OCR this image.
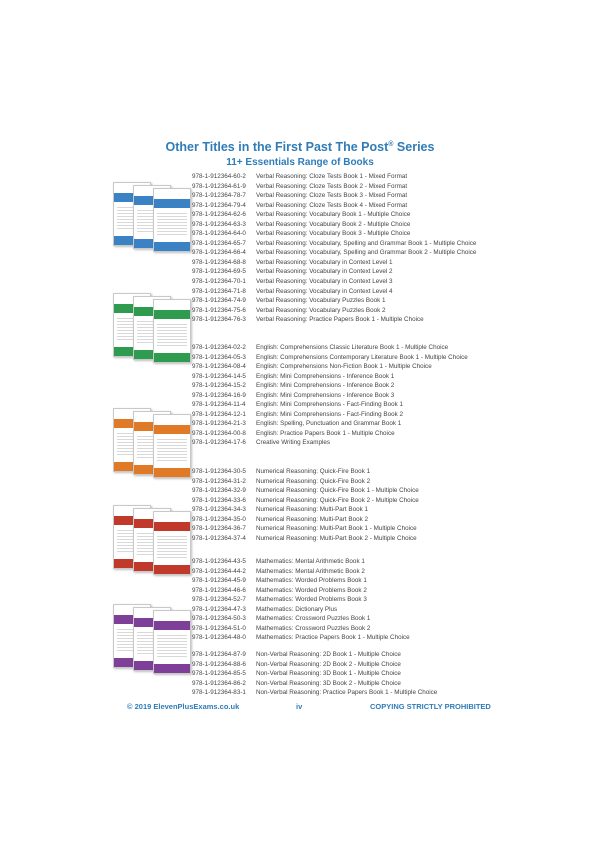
Other Titles in the First Past The Post® Series
11+ Essentials Range of Books
978-1-912364-60-2 Verbal Reasoning: Cloze Tests Book 1 - Mixed Format
978-1-912364-61-9 Verbal Reasoning: Cloze Tests Book 2 - Mixed Format
978-1-912364-78-7 Verbal Reasoning: Cloze Tests Book 3 - Mixed Format
978-1-912364-79-4 Verbal Reasoning: Cloze Tests Book 4 - Mixed Format
978-1-912364-62-6 Verbal Reasoning: Vocabulary Book 1 - Multiple Choice
978-1-912364-63-3 Verbal Reasoning: Vocabulary Book 2 - Multiple Choice
978-1-912364-64-0 Verbal Reasoning: Vocabulary Book 3 - Multiple Choice
978-1-912364-65-7 Verbal Reasoning: Vocabulary, Spelling and Grammar Book 1 - Multiple Choice
978-1-912364-66-4 Verbal Reasoning: Vocabulary, Spelling and Grammar Book 2 - Multiple Choice
978-1-912364-68-8 Verbal Reasoning: Vocabulary in Context Level 1
978-1-912364-69-5 Verbal Reasoning: Vocabulary in Context Level 2
978-1-912364-70-1 Verbal Reasoning: Vocabulary in Context Level 3
978-1-912364-71-8 Verbal Reasoning: Vocabulary in Context Level 4
978-1-912364-74-9 Verbal Reasoning: Vocabulary Puzzles Book 1
978-1-912364-75-6 Verbal Reasoning: Vocabulary Puzzles Book 2
978-1-912364-76-3 Verbal Reasoning: Practice Papers Book 1 - Multiple Choice
978-1-912364-02-2 English: Comprehensions Classic Literature Book 1 - Multiple Choice
978-1-912364-05-3 English: Comprehensions Contemporary Literature Book 1 - Multiple Choice
978-1-912364-08-4 English: Comprehensions Non-Fiction Book 1 - Multiple Choice
978-1-912364-14-5 English: Mini Comprehensions - Inference Book 1
978-1-912364-15-2 English: Mini Comprehensions - Inference Book 2
978-1-912364-16-9 English: Mini Comprehensions - Inference Book 3
978-1-912364-11-4 English: Mini Comprehensions - Fact-Finding Book 1
978-1-912364-12-1 English: Mini Comprehensions - Fact-Finding Book 2
978-1-912364-21-3 English: Spelling, Punctuation and Grammar Book 1
978-1-912364-00-8 English: Practice Papers Book 1 - Multiple Choice
978-1-912364-17-6 Creative Writing Examples
978-1-912364-30-5 Numerical Reasoning: Quick-Fire Book 1
978-1-912364-31-2 Numerical Reasoning: Quick-Fire Book 2
978-1-912364-32-9 Numerical Reasoning: Quick-Fire Book 1 - Multiple Choice
978-1-912364-33-6 Numerical Reasoning: Quick-Fire Book 2 - Multiple Choice
978-1-912364-34-3 Numerical Reasoning: Multi-Part Book 1
978-1-912364-35-0 Numerical Reasoning: Multi-Part Book 2
978-1-912364-36-7 Numerical Reasoning: Multi-Part Book 1 - Multiple Choice
978-1-912364-37-4 Numerical Reasoning: Multi-Part Book 2 - Multiple Choice
978-1-912364-43-5 Mathematics: Mental Arithmetic Book 1
978-1-912364-44-2 Mathematics: Mental Arithmetic Book 2
978-1-912364-45-9 Mathematics: Worded Problems Book 1
978-1-912364-46-6 Mathematics: Worded Problems Book 2
978-1-912364-52-7 Mathematics: Worded Problems Book 3
978-1-912364-47-3 Mathematics: Dictionary Plus
978-1-912364-50-3 Mathematics: Crossword Puzzles Book 1
978-1-912364-51-0 Mathematics: Crossword Puzzles Book 2
978-1-912364-48-0 Mathematics: Practice Papers Book 1 - Multiple Choice
978-1-912364-87-9 Non-Verbal Reasoning: 2D Book 1 - Multiple Choice
978-1-912364-88-6 Non-Verbal Reasoning: 2D Book 2 - Multiple Choice
978-1-912364-85-5 Non-Verbal Reasoning: 3D Book 1 - Multiple Choice
978-1-912364-86-2 Non-Verbal Reasoning: 3D Book 2 - Multiple Choice
978-1-912364-83-1 Non-Verbal Reasoning: Practice Papers Book 1 - Multiple Choice
© 2019 ElevenPlusExams.co.uk	iv	COPYING STRICTLY PROHIBITED
